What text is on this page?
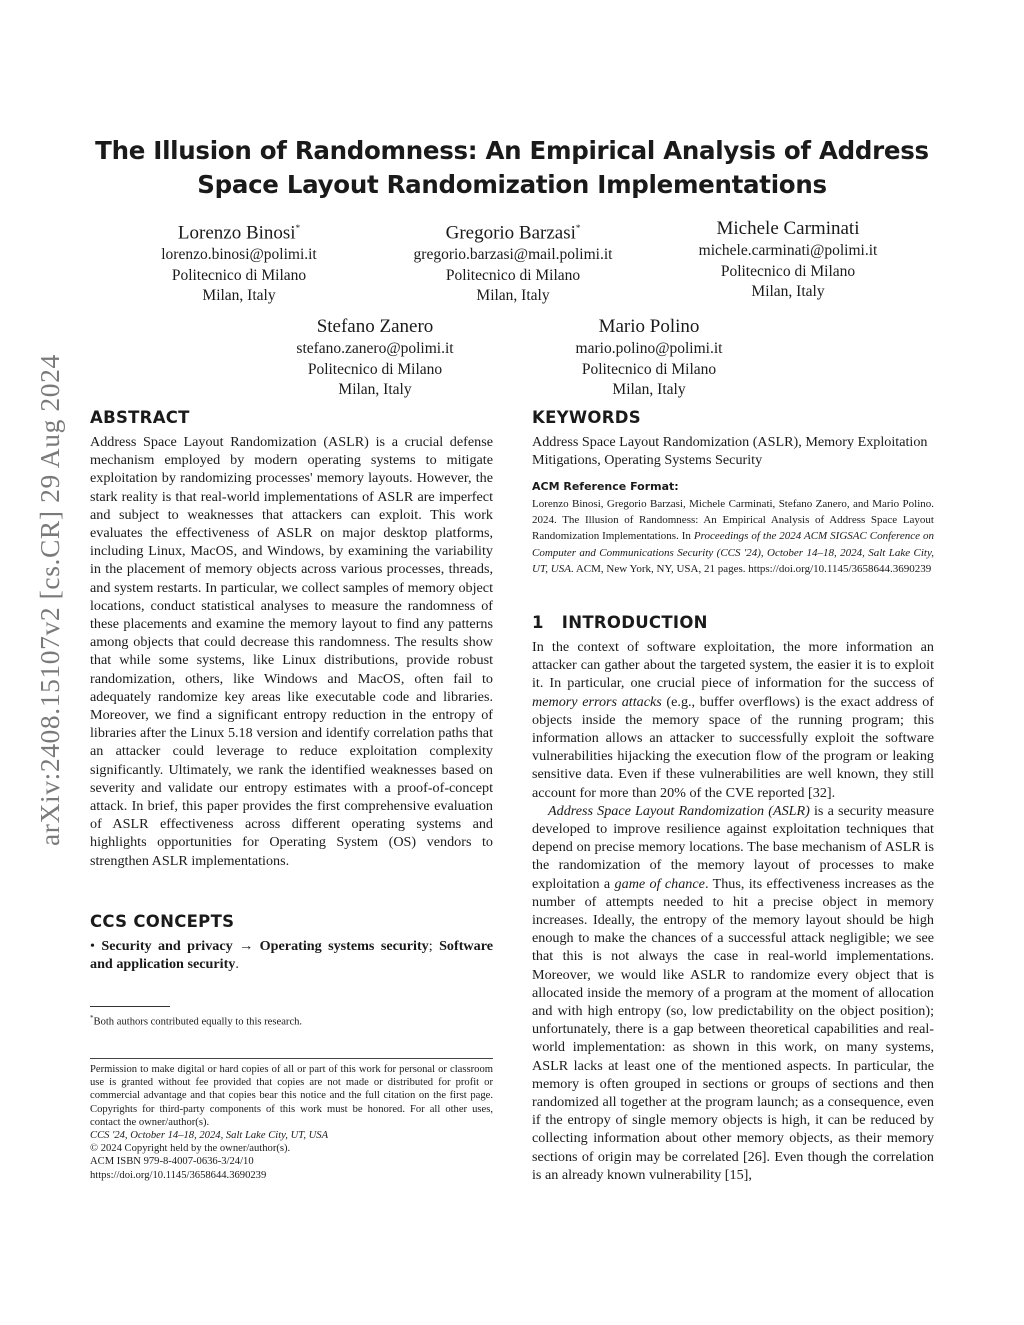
arXiv:2408.15107v2 [cs.CR] 29 Aug 2024
The Illusion of Randomness: An Empirical Analysis of Address
Space Layout Randomization Implementations
Lorenzo Binosi*
lorenzo.binosi@polimi.it
Politecnico di Milano
Milan, Italy
Gregorio Barzasi*
gregorio.barzasi@mail.polimi.it
Politecnico di Milano
Milan, Italy
Michele Carminati
michele.carminati@polimi.it
Politecnico di Milano
Milan, Italy
Stefano Zanero
stefano.zanero@polimi.it
Politecnico di Milano
Milan, Italy
Mario Polino
mario.polino@polimi.it
Politecnico di Milano
Milan, Italy
ABSTRACT

Address Space Layout Randomization (ASLR) is a crucial defense mechanism employed by modern operating systems to mitigate exploitation by randomizing processes' memory layouts. However, the stark reality is that real-world implementations of ASLR are imperfect and subject to weaknesses that attackers can exploit. This work evaluates the effectiveness of ASLR on major desktop platforms, including Linux, MacOS, and Windows, by examining the variability in the placement of memory objects across various processes, threads, and system restarts. In particular, we collect samples of memory object locations, conduct statistical analyses to measure the randomness of these placements and examine the memory layout to find any patterns among objects that could decrease this randomness. The results show that while some systems, like Linux distributions, provide robust randomization, others, like Windows and MacOS, often fail to adequately randomize key areas like executable code and libraries. Moreover, we find a significant entropy reduction in the entropy of libraries after the Linux 5.18 version and identify correlation paths that an attacker could leverage to reduce exploitation complexity significantly. Ultimately, we rank the identified weaknesses based on severity and validate our entropy estimates with a proof-of-concept attack. In brief, this paper provides the first comprehensive evaluation of ASLR effectiveness across different operating systems and highlights opportunities for Operating System (OS) vendors to strengthen ASLR implementations.

CCS CONCEPTS

• Security and privacy → Operating systems security; Software and application security.

*Both authors contributed equally to this research.
Permission to make digital or hard copies of all or part of this work for personal or classroom use is granted without fee provided that copies are not made or distributed for profit or commercial advantage and that copies bear this notice and the full citation on the first page. Copyrights for third-party components of this work must be honored. For all other uses, contact the owner/author(s).
CCS '24, October 14–18, 2024, Salt Lake City, UT, USA
© 2024 Copyright held by the owner/author(s).
ACM ISBN 979-8-4007-0636-3/24/10
https://doi.org/10.1145/3658644.3690239
KEYWORDS

Address Space Layout Randomization (ASLR), Memory Exploitation Mitigations, Operating Systems Security

ACM Reference Format:
Lorenzo Binosi, Gregorio Barzasi, Michele Carminati, Stefano Zanero, and Mario Polino. 2024. The Illusion of Randomness: An Empirical Analysis of Address Space Layout Randomization Implementations. In Proceedings of the 2024 ACM SIGSAC Conference on Computer and Communications Security (CCS '24), October 14–18, 2024, Salt Lake City, UT, USA. ACM, New York, NY, USA, 21 pages. https://doi.org/10.1145/3658644.3690239
1 INTRODUCTION

In the context of software exploitation, the more information an attacker can gather about the targeted system, the easier it is to exploit it. In particular, one crucial piece of information for the success of memory errors attacks (e.g., buffer overflows) is the exact address of objects inside the memory space of the running program; this information allows an attacker to successfully exploit the software vulnerabilities hijacking the execution flow of the program or leaking sensitive data. Even if these vulnerabilities are well known, they still account for more than 20% of the CVE reported [32].

Address Space Layout Randomization (ASLR) is a security measure developed to improve resilience against exploitation techniques that depend on precise memory locations. The base mechanism of ASLR is the randomization of the memory layout of processes to make exploitation a game of chance. Thus, its effectiveness increases as the number of attempts needed to hit a precise object in memory increases. Ideally, the entropy of the memory layout should be high enough to make the chances of a successful attack negligible; we see that this is not always the case in real-world implementations. Moreover, we would like ASLR to randomize every object that is allocated inside the memory of a program at the moment of allocation and with high entropy (so, low predictability on the object position); unfortunately, there is a gap between theoretical capabilities and real-world implementation: as shown in this work, on many systems, ASLR lacks at least one of the mentioned aspects. In particular, the memory is often grouped in sections or groups of sections and then randomized all together at the program launch; as a consequence, even if the entropy of single memory objects is high, it can be reduced by collecting information about other memory objects, as their memory sections of origin may be correlated [26]. Even though the correlation is an already known vulnerability [15],
